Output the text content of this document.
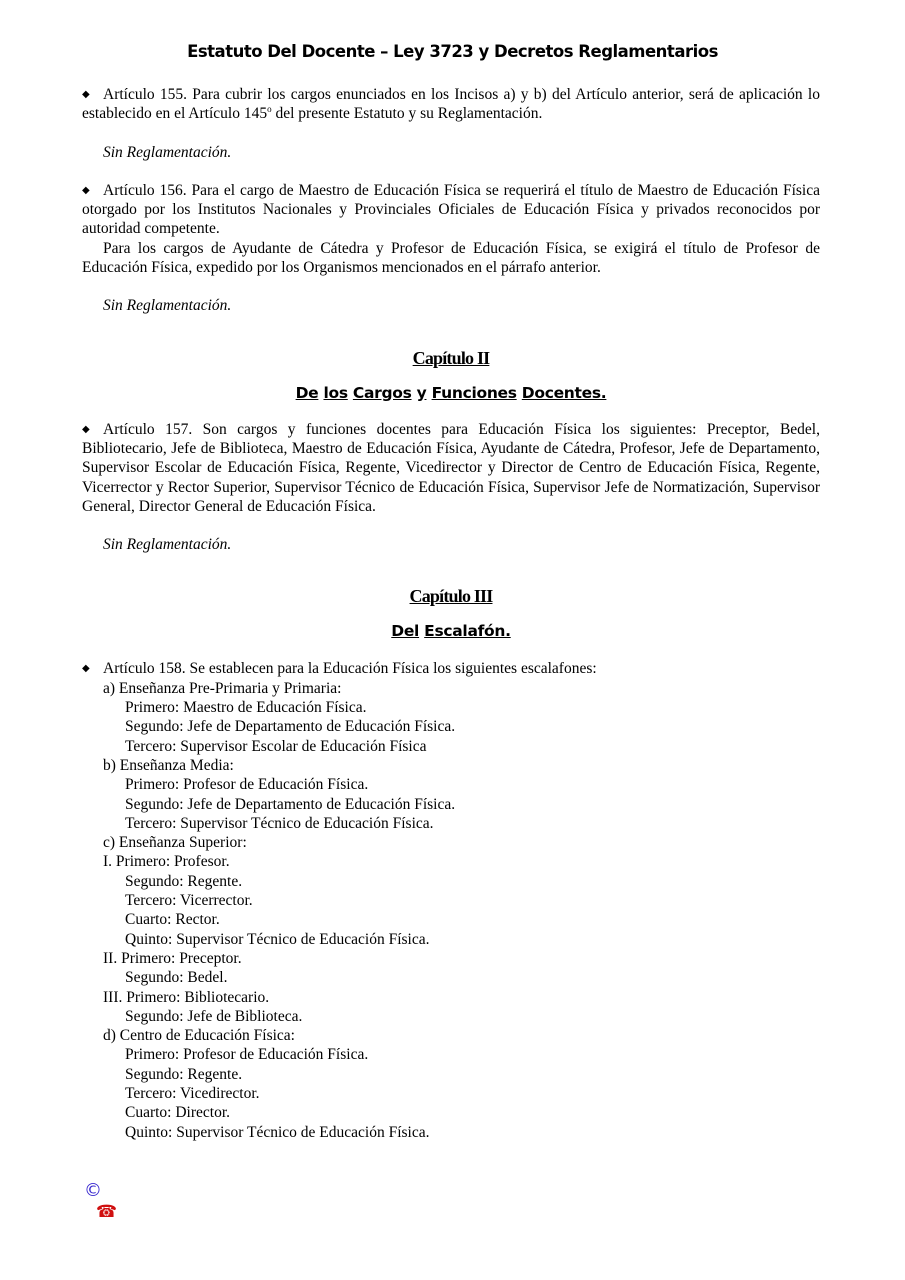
Estatuto Del Docente – Ley 3723 y Decretos Reglamentarios

◆ Artículo 155. Para cubrir los cargos enunciados en los Incisos a) y b) del Artículo anterior, será de aplicación lo establecido en el Artículo 145$^o$ del presente Estatuto y su Reglamentación.

Sin Reglamentación.

◆ Artículo 156. Para el cargo de Maestro de Educación Física se requerirá el título de Maestro de Educación Física otorgado por los Institutos Nacionales y Provinciales Oficiales de Educación Física y privados reconocidos por autoridad competente.

Para los cargos de Ayudante de Cátedra y Profesor de Educación Física, se exigirá el título de Profesor de Educación Física, expedido por los Organismos mencionados en el párrafo anterior.

Sin Reglamentación.

Capítulo II

De los Cargos y Funciones Docentes.

◆ Artículo 157. Son cargos y funciones docentes para Educación Física los siguientes: Preceptor, Bedel, Bibliotecario, Jefe de Biblioteca, Maestro de Educación Física, Ayudante de Cátedra, Profesor, Jefe de Departamento, Supervisor Escolar de Educación Física, Regente, Vicedirector y Director de Centro de Educación Física, Regente, Vicerrector y Rector Superior, Supervisor Técnico de Educación Física, Supervisor Jefe de Normatización, Supervisor General, Director General de Educación Física.

Sin Reglamentación.

Capítulo III

Del Escalafón.

◆ Artículo 158. Se establecen para la Educación Física los siguientes escalafones:

a) Enseñanza Pre-Primaria y Primaria:

Primero: Maestro de Educación Física.

Segundo: Jefe de Departamento de Educación Física.

Tercero: Supervisor Escolar de Educación Física

b) Enseñanza Media:

Primero: Profesor de Educación Física.

Segundo: Jefe de Departamento de Educación Física.

Tercero: Supervisor Técnico de Educación Física.

c) Enseñanza Superior:

I. Primero: Profesor.

Segundo: Regente.

Tercero: Vicerrector.

Cuarto: Rector.

Quinto: Supervisor Técnico de Educación Física.

II. Primero: Preceptor.

Segundo: Bedel.

III. Primero: Bibliotecario.

Segundo: Jefe de Biblioteca.

d) Centro de Educación Física:

Primero: Profesor de Educación Física.

Segundo: Regente.

Tercero: Vicedirector.

Cuarto: Director.

Quinto: Supervisor Técnico de Educación Física.

©
☎
